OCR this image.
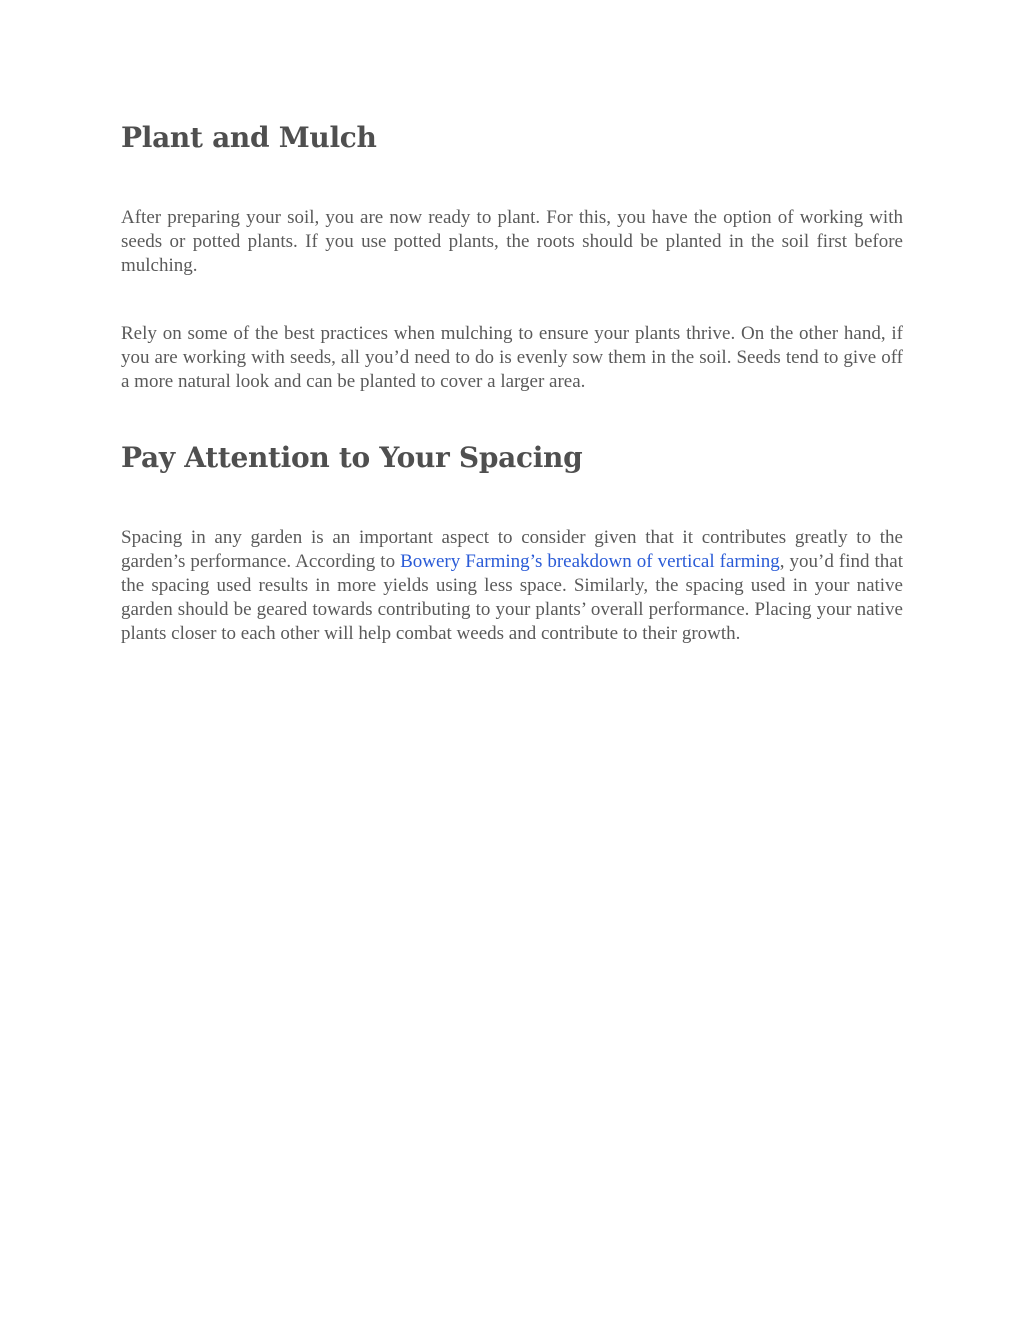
Plant and Mulch

After preparing your soil, you are now ready to plant. For this, you have the option of working with seeds or potted plants. If you use potted plants, the roots should be planted in the soil first before mulching.

Rely on some of the best practices when mulching to ensure your plants thrive. On the other hand, if you are working with seeds, all you’d need to do is evenly sow them in the soil. Seeds tend to give off a more natural look and can be planted to cover a larger area.

Pay Attention to Your Spacing

Spacing in any garden is an important aspect to consider given that it contributes greatly to the garden’s performance. According to Bowery Farming’s breakdown of vertical farming, you’d find that the spacing used results in more yields using less space. Similarly, the spacing used in your native garden should be geared towards contributing to your plants’ overall performance. Placing your native plants closer to each other will help combat weeds and contribute to their growth.
